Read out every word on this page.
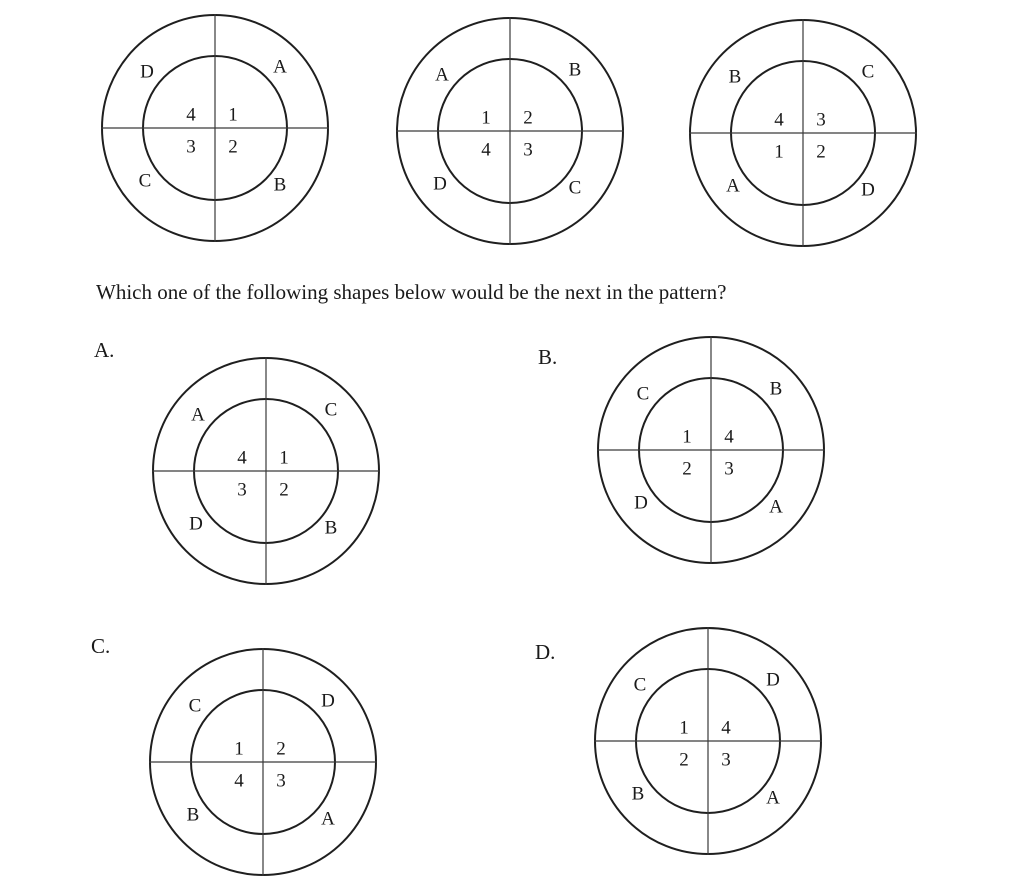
A
B
C
D
1
2
3
4
B
C
D
A
2
3
4
1
C
D
A
B
3
2
1
4
Which one of the following shapes below would be the next in the pattern?
A.
C
B
D
A
1
2
3
4
B.
B
A
D
C
4
3
2
1
C.
D
A
B
C
2
3
4
1
D.
D
A
B
C
4
3
2
1
